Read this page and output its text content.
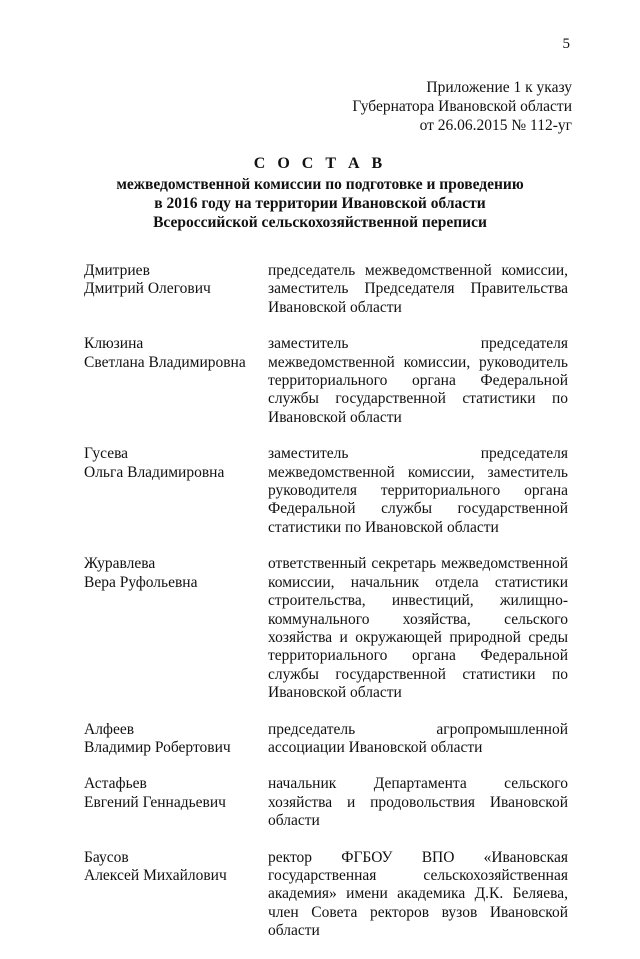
5
Приложение 1 к указу
Губернатора Ивановской области
от 26.06.2015 № 112-уг
С О С Т А В
межведомственной комиссии по подготовке и проведению
в 2016 году на территории Ивановской области
Всероссийской сельскохозяйственной переписи
Дмитриев
Дмитрий Олегович
председатель межведомственной комиссии, заместитель Председателя Правительства Ивановской области
Клюзина
Светлана Владимировна
заместитель председателя межведомственной комиссии, руководитель территориального органа Федеральной службы государственной статистики по Ивановской области
Гусева
Ольга Владимировна
заместитель председателя межведомственной комиссии, заместитель руководителя территориального органа Федеральной службы государственной статистики по Ивановской области
Журавлева
Вера Руфольевна
ответственный секретарь межведомственной комиссии, начальник отдела статистики строительства, инвестиций, жилищно-коммунального хозяйства, сельского хозяйства и окружающей природной среды территориального органа Федеральной службы государственной статистики по Ивановской области
Алфеев
Владимир Робертович
председатель агропромышленной ассоциации Ивановской области
Астафьев
Евгений Геннадьевич
начальник Департамента сельского хозяйства и продовольствия Ивановской области
Баусов
Алексей Михайлович
ректор ФГБОУ ВПО «Ивановская государственная сельскохозяйственная академия» имени академика Д.К. Беляева, член Совета ректоров вузов Ивановской области
